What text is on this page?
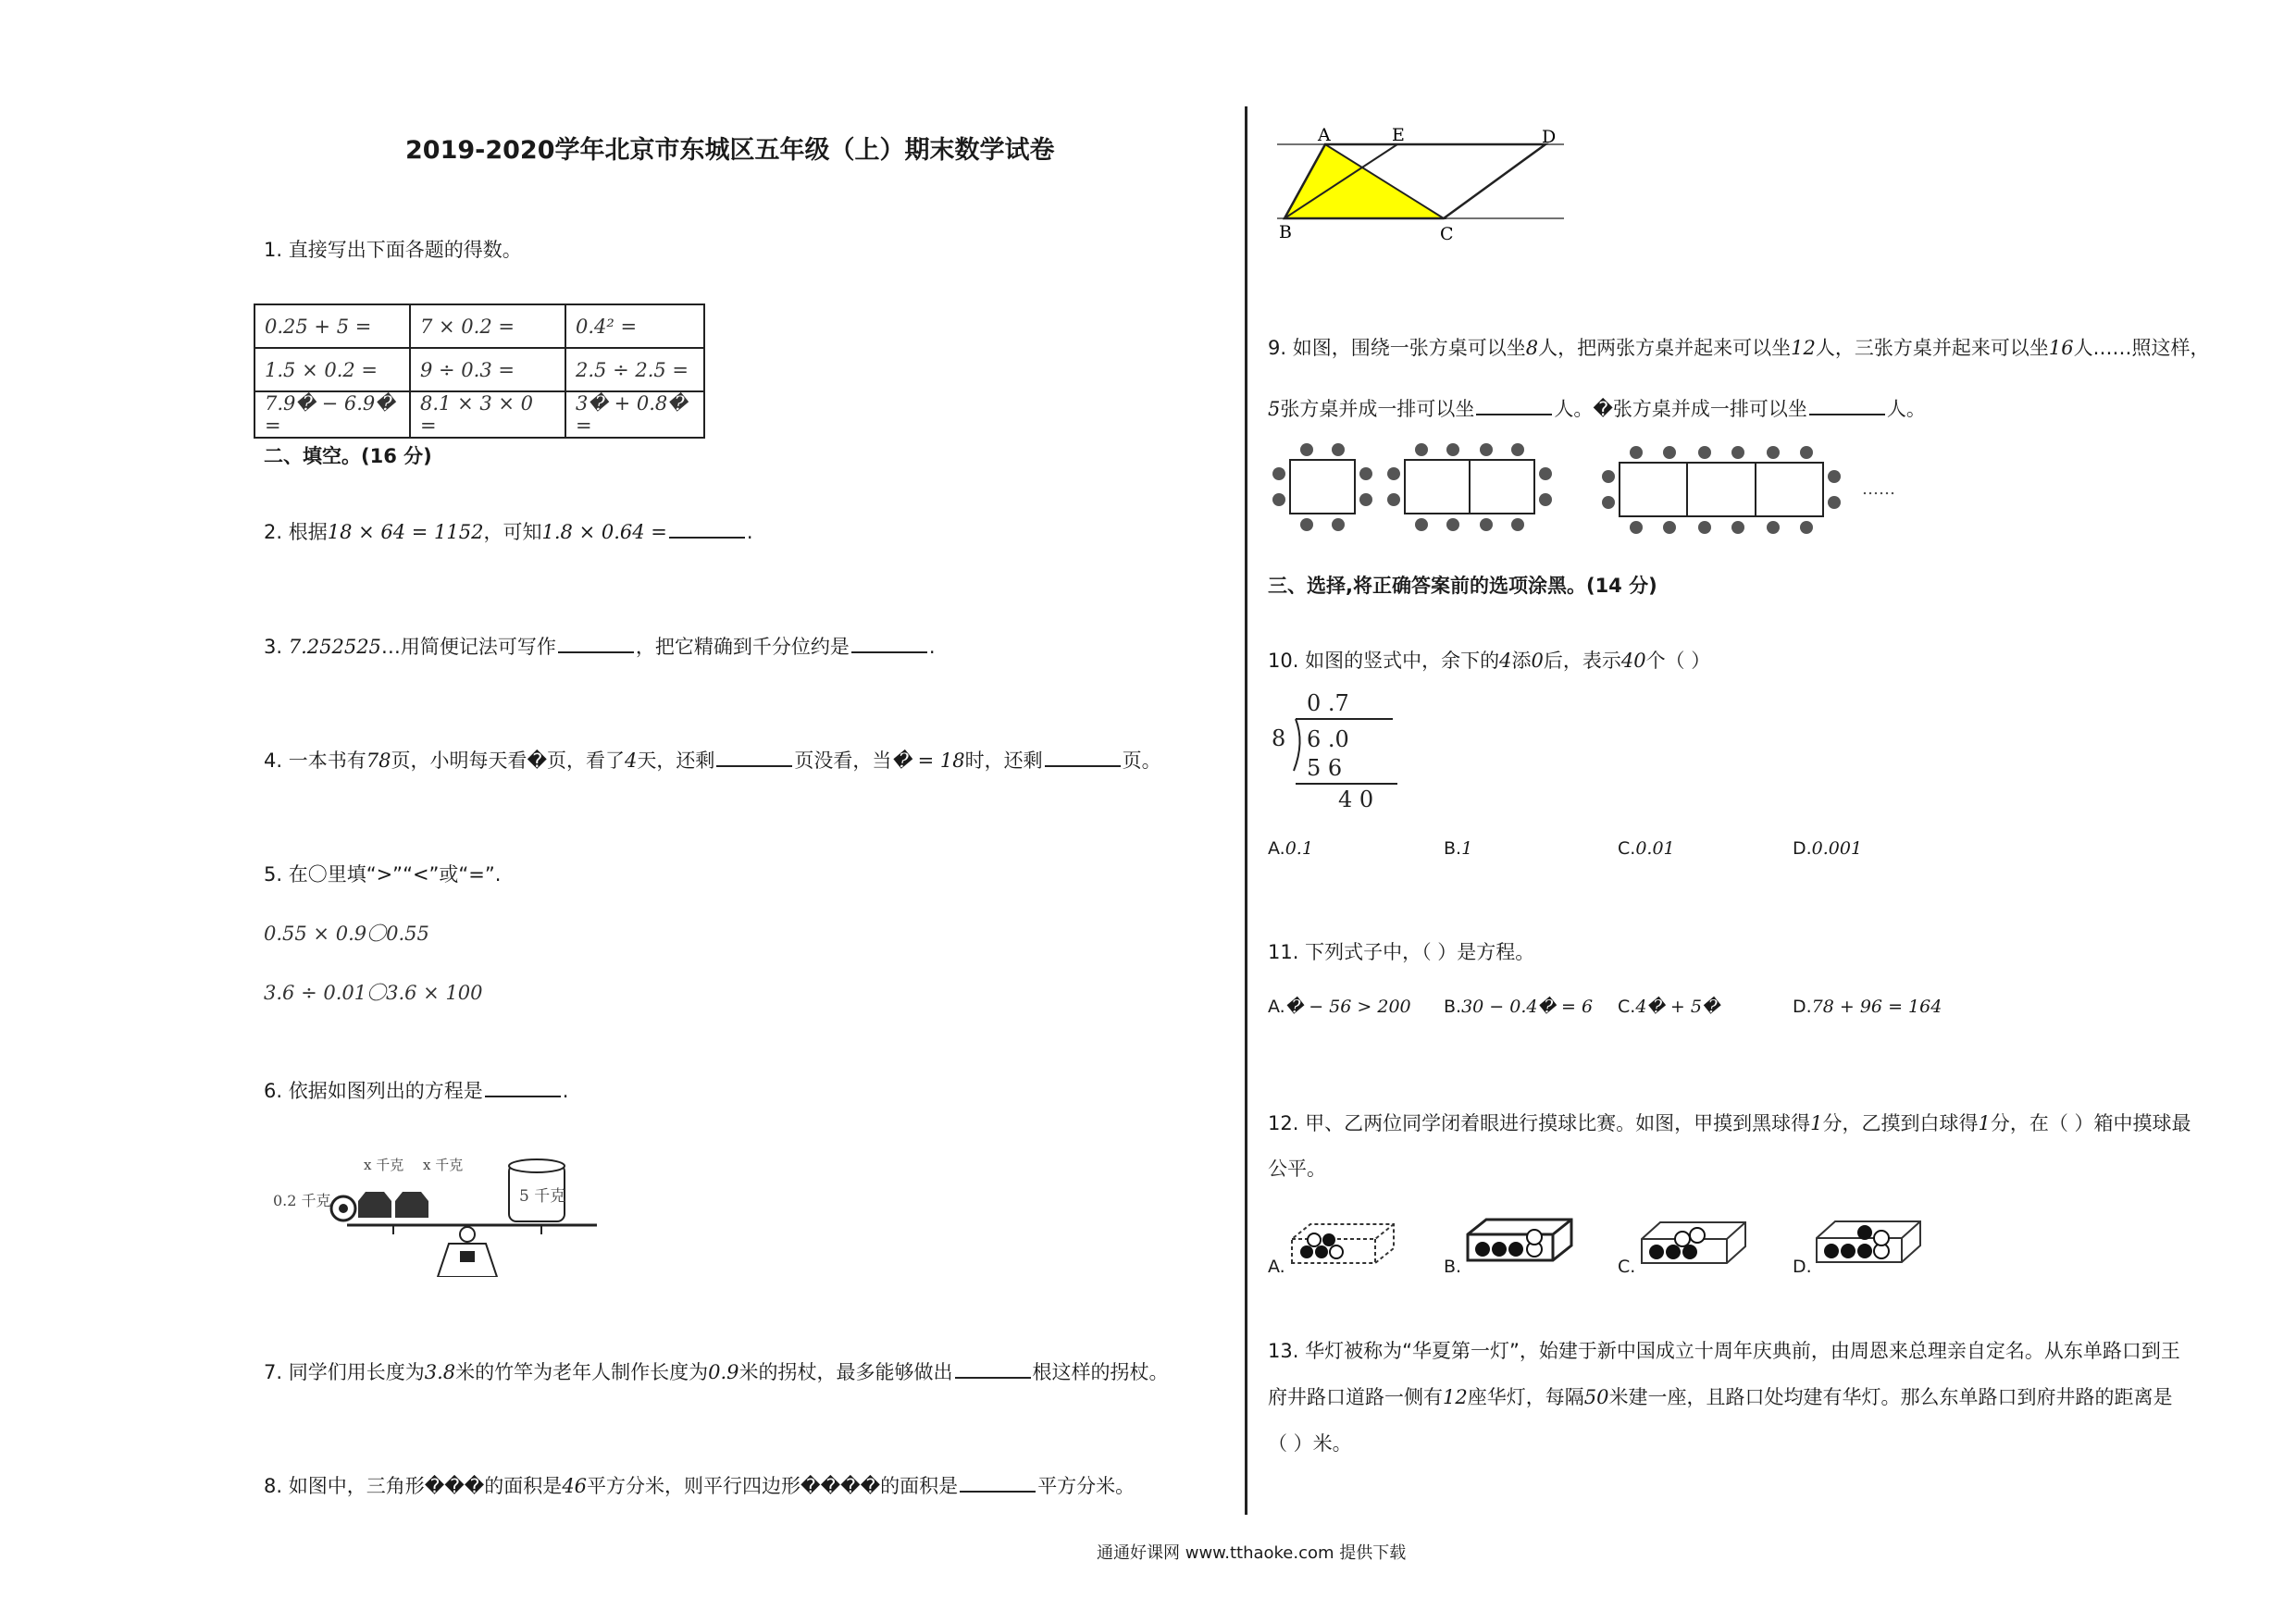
2019-2020学年北京市东城区五年级（上）期末数学试卷
1. 直接写出下面各题的得数。
0.25 + 5 =	7 × 0.2 =	0.4² =
1.5 × 0.2 =	9 ÷ 0.3 =	2.5 ÷ 2.5 =
7.9� − 6.9� =	8.1 × 3 × 0 =	3� + 0.8� =
二、填空。(16 分)
2. 根据18 × 64 = 1152，可知1.8 × 0.64 =	.
3. 7.252525…用简便记法可写作	，把它精确到千分位约是	.
4. 一本书有78页，小明每天看�页，看了4天，还剩	页没看，当� = 18时，还剩	页。
5. 在〇里填“>”“<”或“=”.
0.55 × 0.9〇0.55
3.6 ÷ 0.01〇3.6 × 100
6. 依据如图列出的方程是	.
0.2 千克
x 千克 x 千克
5 千克
7. 同学们用长度为3.8米的竹竿为老年人制作长度为0.9米的拐杖，最多能够做出	根这样的拐杖。
8. 如图中，三角形���的面积是46平方分米，则平行四边形����的面积是	平方分米。
A	E	D
B	C
9. 如图，围绕一张方桌可以坐8人，把两张方桌并起来可以坐12人，三张方桌并起来可以坐16人……照这样，
5张方桌并成一排可以坐	人。�张方桌并成一排可以坐	人。
……
三、选择,将正确答案前的选项涂黑。(14 分)
10. 如图的竖式中，余下的4添0后，表示40个（ ）
0 .7
8 6 .0
5 6
4 0
A.0.1	B.1	C.0.01	D.0.001
11. 下列式子中，（ ）是方程。
A.� − 56 > 200 B.30 − 0.4� = 6 C.4� + 5�	D.78 + 96 = 164
12. 甲、乙两位同学闭着眼进行摸球比赛。如图，甲摸到黑球得1分，乙摸到白球得1分，在（ ）箱中摸球最
公平。
A.	B.	C.	D.
13. 华灯被称为“华夏第一灯”，始建于新中国成立十周年庆典前，由周恩来总理亲自定名。从东单路口到王
府井路口道路一侧有12座华灯，每隔50米建一座，且路口处均建有华灯。那么东单路口到府井路的距离是
（ ）米。
通通好课网 www.tthaoke.com 提供下载
